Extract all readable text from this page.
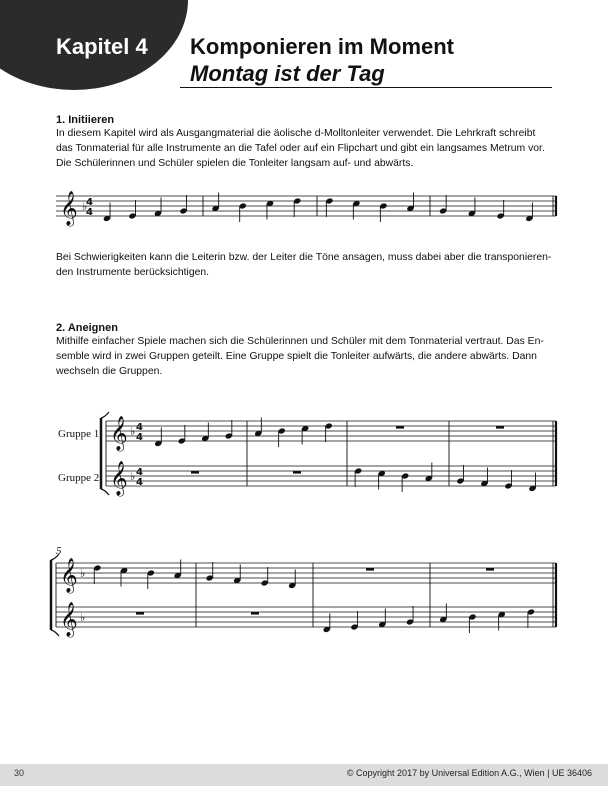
Kapitel 4 Komponieren im Moment
Montag ist der Tag
1. Initiieren
In diesem Kapitel wird als Ausgangmaterial die äolische d-Molltonleiter verwendet. Die Lehrkraft schreibt
das Tonmaterial für alle Instrumente an die Tafel oder auf ein Flipchart und gibt ein langsames Metrum vor.
Die Schülerinnen und Schüler spielen die Tonleiter langsam auf- und abwärts.
Bei Schwierigkeiten kann die Leiterin bzw. der Leiter die Töne ansagen, muss dabei aber die transponieren-
den Instrumente berücksichtigen.
2. Aneignen
Mithilfe einfacher Spiele machen sich die Schülerinnen und Schüler mit dem Tonmaterial vertraut. Das En-
semble wird in zwei Gruppen geteilt. Eine Gruppe spielt die Tonleiter aufwärts, die andere abwärts. Dann
wechseln die Gruppen.
Gruppe 1
Gruppe 2
𝄞 ♭
4
4
𝄞 ♭ 4
4
𝄞 ♭ 4
4
𝄞 ♭
𝄞 ♭
5
30	© Copyright 2017 by Universal Edition A.G., Wien | UE 36406
